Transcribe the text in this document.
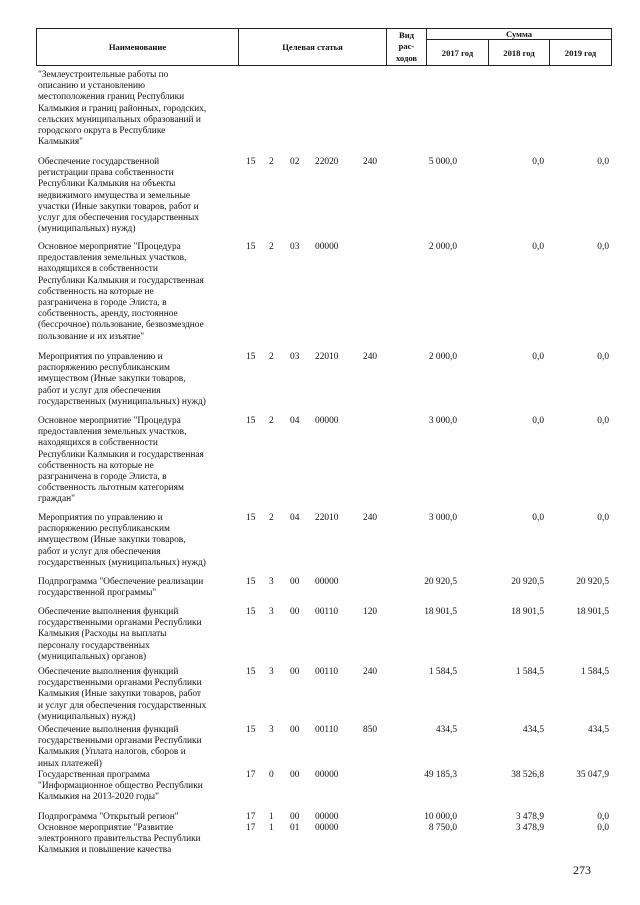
Наименование	Целевая статья	Вид
рас-
ходов	Сумма		
			2017 год	2018 год	2019 год
"Землеустроительные работы по
описанию и установлению
местоположения границ Республики
Калмыкия и границ районных, городских,
сельских муниципальных образований и
городского округа в Республике
Калмыкия"
Обеспечение государственной
регистрации права собственности
Республики Калмыкия на объекты
недвижимого имущества и земельные
участки (Иные закупки товаров, работ и
услуг для обеспечения государственных
(муниципальных) нужд)
15 2 02 22020	240	5 000,0	0,0	0,0
Основное мероприятие "Процедура
предоставления земельных участков,
находящихся в собственности
Республики Калмыкия и государственная
собственность на которые не
разграничена в городе Элиста, в
собственность, аренду, постоянное
(бессрочное) пользование, безвозмездное
пользование и их изъятие"
15 2 03 00000	2 000,0	0,0	0,0
Мероприятия по управлению и
распоряжению республиканским
имуществом (Иные закупки товаров,
работ и услуг для обеспечения
государственных (муниципальных) нужд)
15 2 03 22010	240	2 000,0	0,0	0,0
Основное мероприятие "Процедура
предоставления земельных участков,
находящихся в собственности
Республики Калмыкия и государственная
собственность на которые не
разграничена в городе Элиста, в
собственность льготным категориям
граждан"
15 2 04 00000	3 000,0	0,0	0,0
Мероприятия по управлению и
распоряжению республиканским
имуществом (Иные закупки товаров,
работ и услуг для обеспечения
государственных (муниципальных) нужд)
15 2 04 22010	240	3 000,0	0,0	0,0
Подпрограмма "Обеспечение реализации
государственной программы"
15 3 00 00000	20 920,5	20 920,5	20 920,5
Обеспечение выполнения функций
государственными органами Республики
Калмыкия (Расходы на выплаты
персоналу государственных
(муниципальных) органов)
15 3 00 00110	120	18 901,5	18 901,5	18 901,5
Обеспечение выполнения функций
государственными органами Республики
Калмыкия (Иные закупки товаров, работ
и услуг для обеспечения государственных
(муниципальных) нужд)
15 3 00 00110	240	1 584,5	1 584,5	1 584,5
Обеспечение выполнения функций
государственными органами Республики
Калмыкия (Уплата налогов, сборов и
иных платежей)
15 3 00 00110	850	434,5	434,5	434,5
Государственная программа
"Информационное общество Республики
Калмыкия на 2013-2020 годы"
17 0 00 00000	49 185,3	38 526,8	35 047,9
Подпрограмма "Открытый регион"	17 1 00 00000	10 000,0	3 478,9	0,0
Основное мероприятие "Развитие
электронного правительства Республики
Калмыкия и повышение качества
17 1 01 00000	8 750,0	3 478,9	0,0
273
